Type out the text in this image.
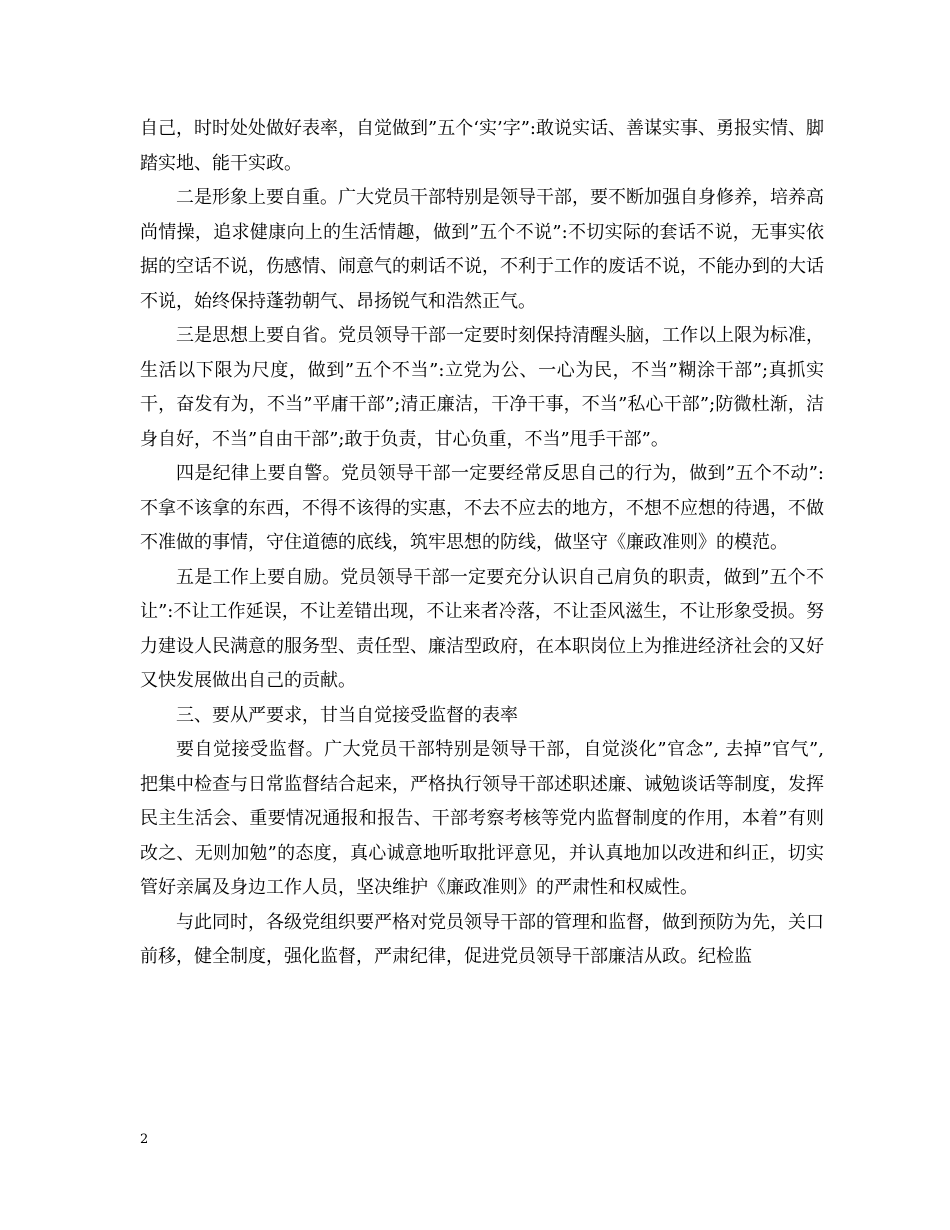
自己，时时处处做好表率，自觉做到”五个‘实’字”:敢说实话、善谋实事、勇报实情、脚踏实地、能干实政。

二是形象上要自重。广大党员干部特别是领导干部，要不断加强自身修养，培养高尚情操，追求健康向上的生活情趣，做到”五个不说”:不切实际的套话不说，无事实依据的空话不说，伤感情、闹意气的刺话不说，不利于工作的废话不说，不能办到的大话不说，始终保持蓬勃朝气、昂扬锐气和浩然正气。

三是思想上要自省。党员领导干部一定要时刻保持清醒头脑，工作以上限为标准，生活以下限为尺度，做到”五个不当”:立党为公、一心为民，不当”糊涂干部”;真抓实干，奋发有为，不当”平庸干部”;清正廉洁，干净干事，不当”私心干部”;防微杜渐，洁身自好，不当”自由干部”;敢于负责，甘心负重，不当”甩手干部”。

四是纪律上要自警。党员领导干部一定要经常反思自己的行为，做到”五个不动”:不拿不该拿的东西，不得不该得的实惠，不去不应去的地方，不想不应想的待遇，不做不准做的事情，守住道德的底线，筑牢思想的防线，做坚守《廉政准则》的模范。

五是工作上要自励。党员领导干部一定要充分认识自己肩负的职责，做到”五个不让”:不让工作延误，不让差错出现，不让来者冷落，不让歪风滋生，不让形象受损。努力建设人民满意的服务型、责任型、廉洁型政府，在本职岗位上为推进经济社会的又好又快发展做出自己的贡献。

三、要从严要求，甘当自觉接受监督的表率

要自觉接受监督。广大党员干部特别是领导干部，自觉淡化”官念”, 去掉”官气”, 把集中检查与日常监督结合起来，严格执行领导干部述职述廉、诫勉谈话等制度，发挥民主生活会、重要情况通报和报告、干部考察考核等党内监督制度的作用，本着”有则改之、无则加勉”的态度，真心诚意地听取批评意见，并认真地加以改进和纠正，切实管好亲属及身边工作人员，坚决维护《廉政准则》的严肃性和权威性。

与此同时，各级党组织要严格对党员领导干部的管理和监督，做到预防为先，关口前移，健全制度，强化监督，严肃纪律，促进党员领导干部廉洁从政。纪检监

2
